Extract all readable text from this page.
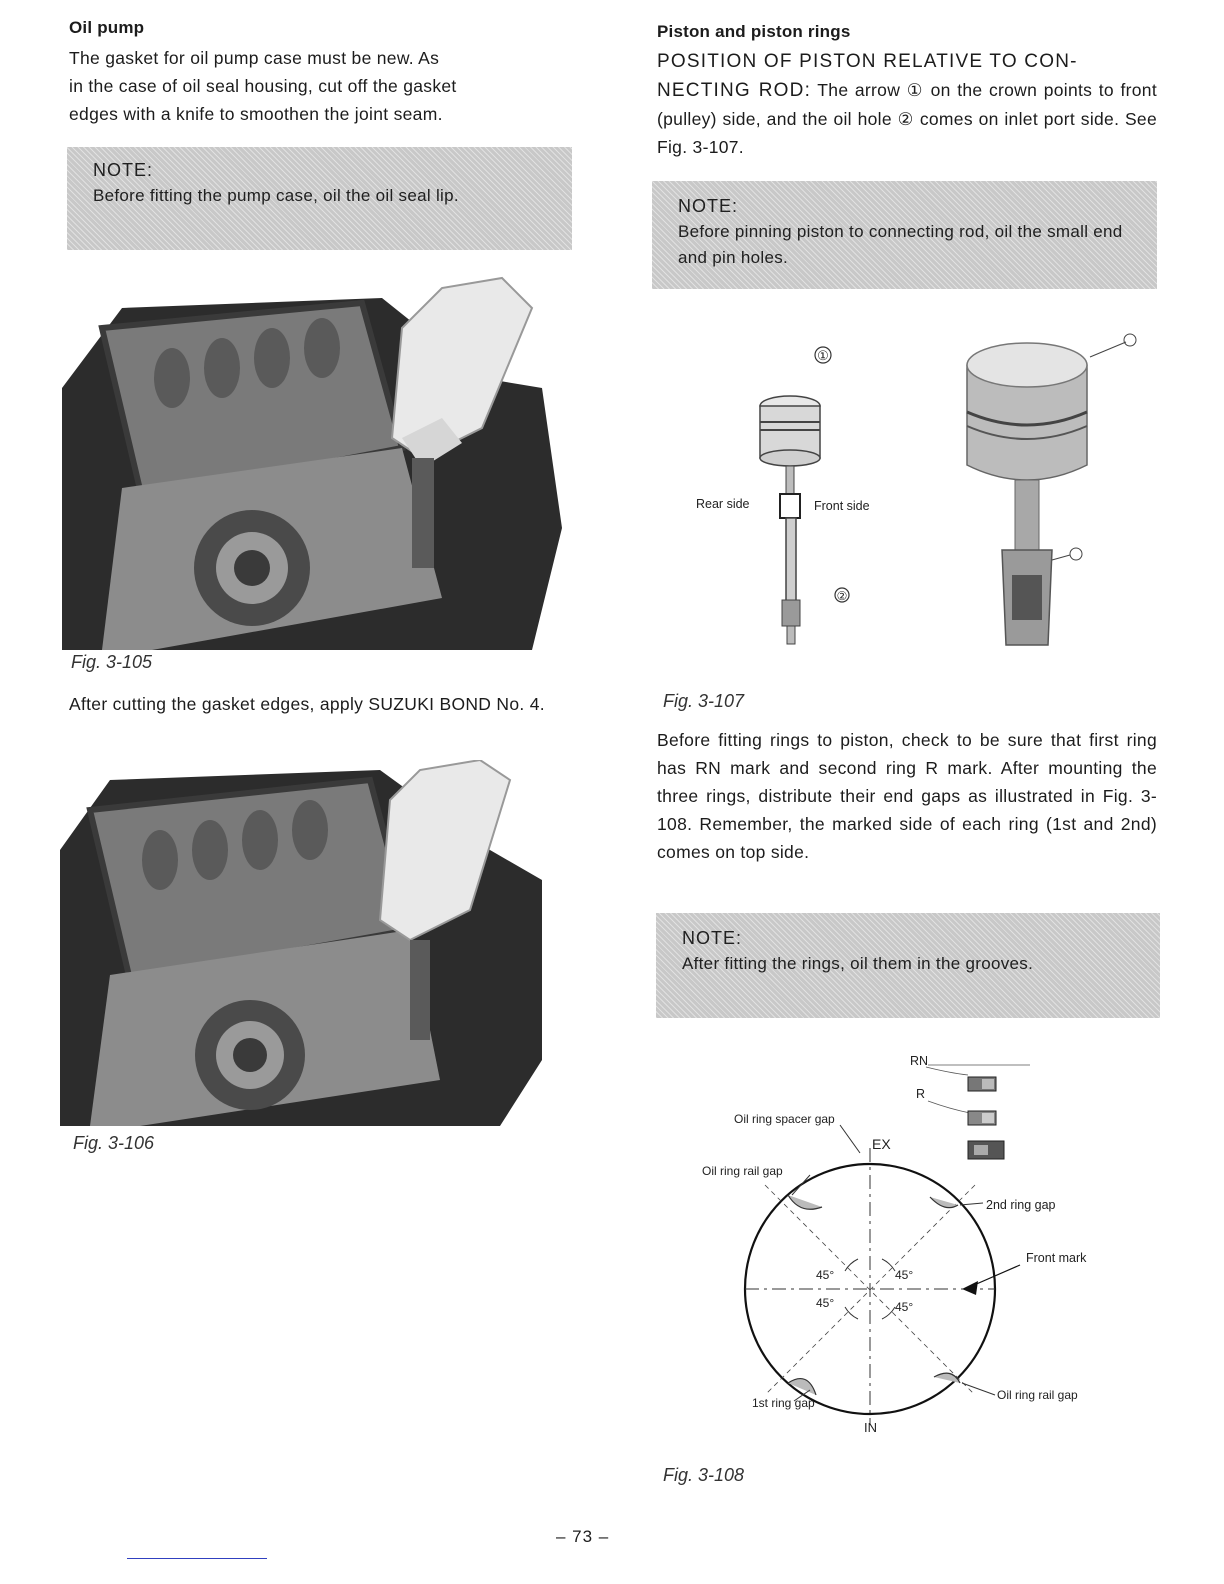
Oil pump
The gasket for oil pump case must be new. As
in the case of oil seal housing, cut off the gasket
edges with a knife to smoothen the joint seam.
NOTE:
Before fitting the pump case, oil the oil seal lip.
Fig. 3-105
After cutting the gasket edges, apply SUZUKI BOND No. 4.
Fig. 3-106
Piston and piston rings
POSITION OF PISTON RELATIVE TO CON-
NECTING ROD: The arrow ① on the crown points to front (pulley) side, and the oil hole ② comes on inlet port side. See Fig. 3-107.
NOTE:
Before pinning piston to connecting rod, oil the small end and pin holes.
①
Rear side	Front side
②
Fig. 3-107
Before fitting rings to piston, check to be sure that first ring has RN mark and second ring R mark. After mounting the three rings, distribute their end gaps as illustrated in Fig. 3-108. Remember, the marked side of each ring (1st and 2nd) comes on top side.
NOTE:
After fitting the rings, oil them in the grooves.
RN
R
Oil ring spacer gap
EX
Oil ring rail gap
45°	45°
45°	45°
Front mark
2nd ring gap
Oil ring rail gap
1st ring gap
IN
Fig. 3-108
– 73 –
